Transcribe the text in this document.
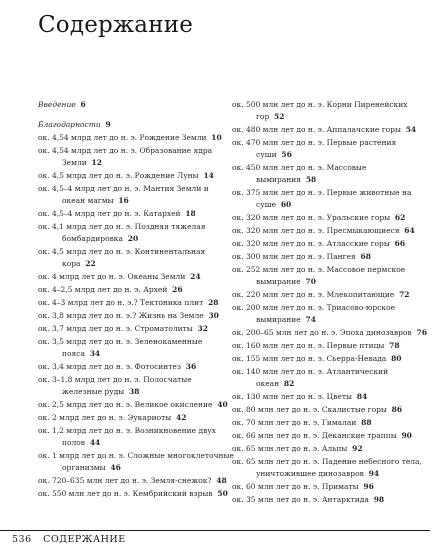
Содержание

Введение 6

Благодарности 9

ок. 4,54 млрд лет до н. э. Рождение Земли 10

ок. 4,54 млрд лет до н. э. Образование ядра Земли 12

ок. 4,5 млрд лет до н. э. Рождение Луны 14

ок. 4,5–4 млрд лет до н. э. Мантия Земли и океан магмы 16

ок. 4,5–4 млрд лет до н. э. Катархей 18

ок. 4,1 млрд лет до н. э. Поздняя тяжелая бомбардировка 20

ок. 4,5 млрд лет до н. э. Континентальная кора 22

ок. 4 млрд лет до н. э. Океаны Земли 24

ок. 4–2,5 млрд лет до н. э. Архей 26

ок. 4–3 млрд лет до н. э.? Тектоника плит 28

ок. 3,8 млрд лет до н. э.? Жизнь на Земле 30

ок. 3,7 млрд лет до н. э. Строматолиты 32

ок. 3,5 млрд лет до н. э. Зеленокаменные пояса 34

ок. 3,4 млрд лет до н. э. Фотосинтез 36

ок. 3–1,8 млрд лет до н. э. Полосчатые железные руды 38

ок. 2,5 млрд лет до н. э. Великое окисление 40

ок. 2 млрд лет до н. э. Эукариоты 42

ок. 1,2 млрд лет до н. э. Возникновение двух полов 44

ок. 1 млрд лет до н. э. Сложные многоклеточные организмы 46

ок. 720–635 млн лет до н. э. Земля-снежок? 48

ок. 550 млн лет до н. э. Кембрийский взрыв 50

ок. 500 млн лет до н. э. Корни Пиренейских гор 52

ок. 480 млн лет до н. э. Аппалачские горы 54

ок. 470 млн лет до н. э. Первые растения суши 56

ок. 450 млн лет до н. э. Массовые вымирания 58

ок. 375 млн лет до н. э. Первые животные на суше 60

ок. 320 млн лет до н. э. Уральские горы 62

ок. 320 млн лет до н. э. Пресмыкающиеся 64

ок. 320 млн лет до н. э. Атласские горы 66

ок. 300 млн лет до н. э. Пангея 68

ок. 252 млн лет до н. э. Массовое пермское вымирание 70

ок. 220 млн лет до н. э. Млекопитающие 72

ок. 200 млн лет до н. э. Триасово-юрское вымирание 74

ок. 200–65 млн лет до н. э. Эпоха динозавров 76

ок. 160 млн лет до н. э. Первые птицы 78

ок. 155 млн лет до н. э. Сьерра-Невада 80

ок. 140 млн лет до н. э. Атлантический океан 82

ок. 130 млн лет до н. э. Цветы 84

ок. 80 млн лет до н. э. Скалистые горы 86

ок. 70 млн лет до н. э. Гималаи 88

ок. 66 млн лет до н. э. Деканские траппы 90

ок. 65 млн лет до н. э. Альпы 92

ок. 65 млн лет до н. э. Падение небесного тела, уничтожившее динозавров 94

ок. 60 млн лет до н. э. Приматы 96

ок. 35 млн лет до н. э. Антарктида 98

536 СОДЕРЖАНИЕ
